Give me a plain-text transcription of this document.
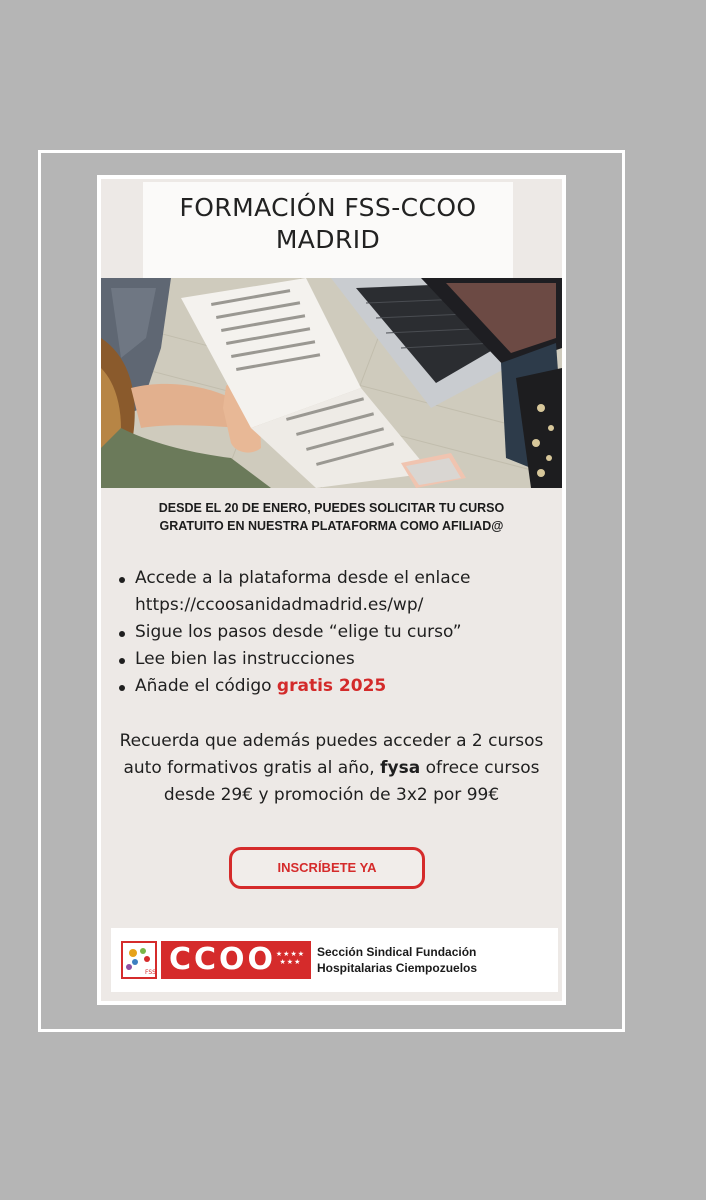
FORMACIÓN FSS-CCOO
MADRID
DESDE EL 20 DE ENERO, PUEDES SOLICITAR TU CURSO
GRATUITO EN NUESTRA PLATAFORMA COMO AFILIAD@
Accede a la plataforma desde el enlace
https://ccoosanidadmadrid.es/wp/
Sigue los pasos desde “elige tu curso”
Lee bien las instrucciones
Añade el código gratis 2025
Recuerda que además puedes acceder a 2 cursos
auto formativos gratis al año, fysa ofrece cursos
desde 29€ y promoción de 3x2 por 99€
INSCRÍBETE YA
FSS CCOO ★★★★
★★★
Sección Sindical Fundación
Hospitalarias Ciempozuelos
